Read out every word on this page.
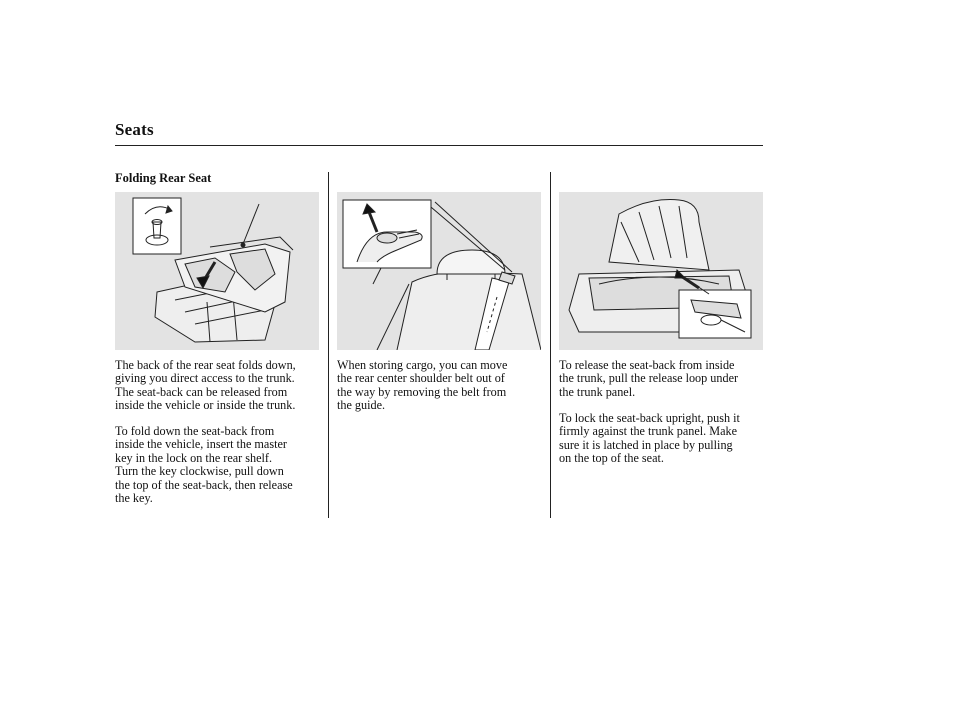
Seats
Folding Rear Seat

The back of the rear seat folds down,
giving you direct access to the trunk.
The seat-back can be released from
inside the vehicle or inside the trunk.

To fold down the seat-back from
inside the vehicle, insert the master
key in the lock on the rear shelf.
Turn the key clockwise, pull down
the top of the seat-back, then release
the key.

When storing cargo, you can move
the rear center shoulder belt out of
the way by removing the belt from
the guide.

To release the seat-back from inside
the trunk, pull the release loop under
the trunk panel.

To lock the seat-back upright, push it
firmly against the trunk panel. Make
sure it is latched in place by pulling
on the top of the seat.
